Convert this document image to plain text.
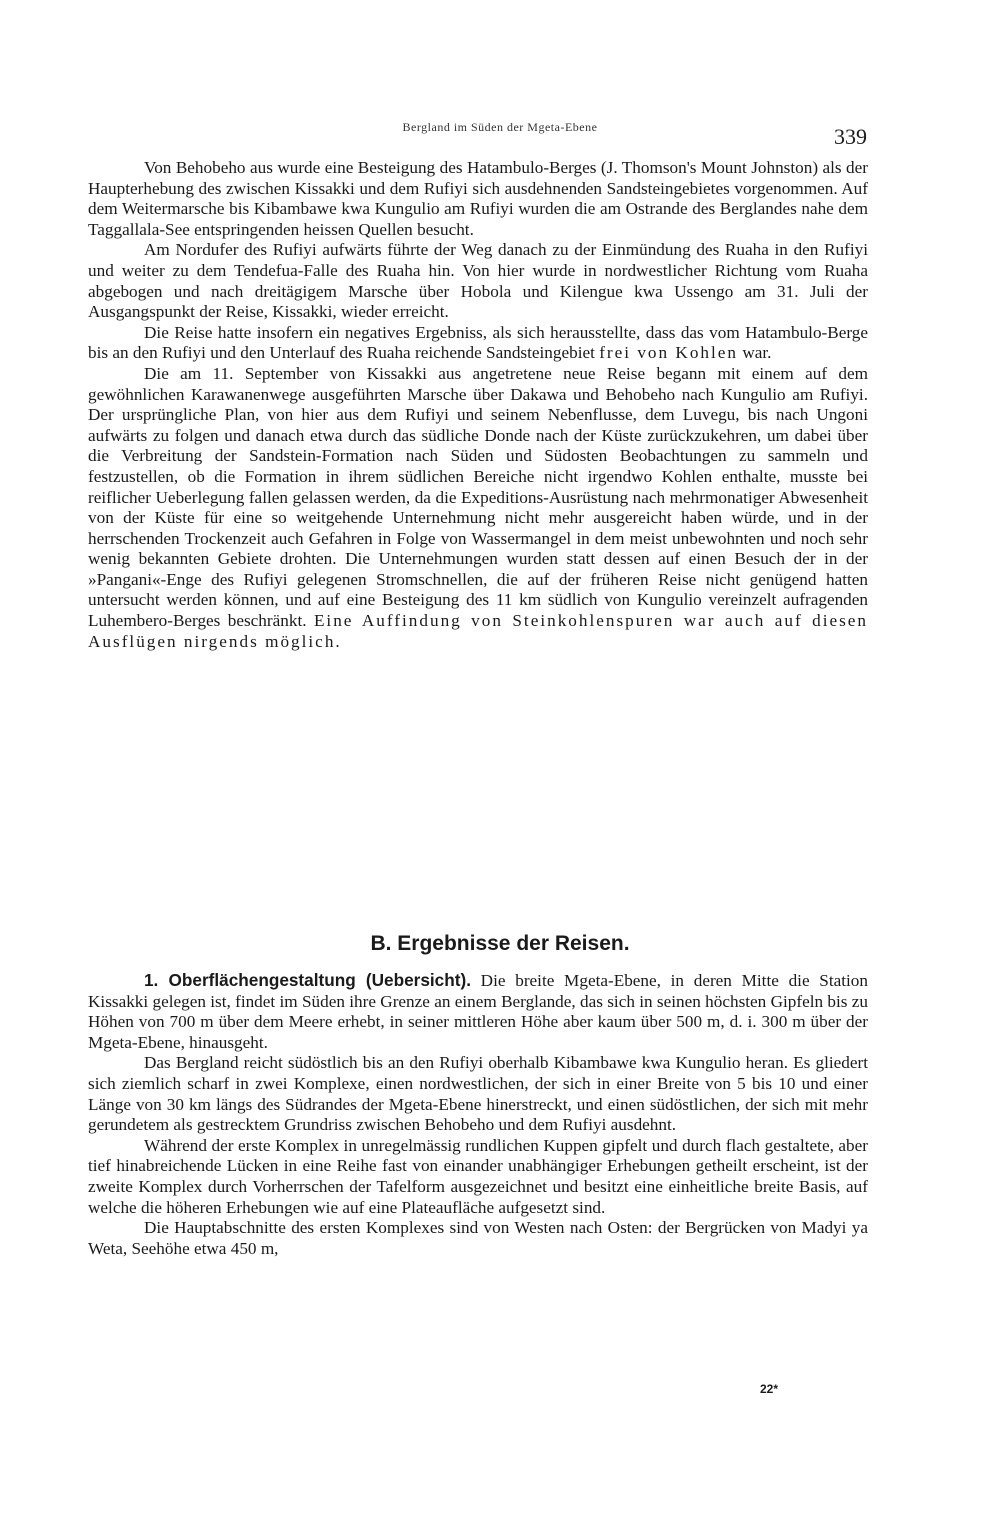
Bergland im Süden der Mgeta-Ebene	339

Von Behobeho aus wurde eine Besteigung des Hatambulo-Berges (J. Thomson's Mount Johnston) als der Haupterhebung des zwischen Kissakki und dem Rufiyi sich ausdehnenden Sandsteingebietes vorgenommen. Auf dem Weitermarsche bis Kibambawe kwa Kungulio am Rufiyi wurden die am Ostrande des Berglandes nahe dem Taggallala-See entspringenden heissen Quellen besucht.

Am Nordufer des Rufiyi aufwärts führte der Weg danach zu der Einmündung des Ruaha in den Rufiyi und weiter zu dem Tendefua-Falle des Ruaha hin. Von hier wurde in nordwestlicher Richtung vom Ruaha abgebogen und nach dreitägigem Marsche über Hobola und Kilengue kwa Ussengo am 31. Juli der Ausgangspunkt der Reise, Kissakki, wieder erreicht.

Die Reise hatte insofern ein negatives Ergebniss, als sich herausstellte, dass das vom Hatambulo-Berge bis an den Rufiyi und den Unterlauf des Ruaha reichende Sandsteingebiet frei von Kohlen war.

Die am 11. September von Kissakki aus angetretene neue Reise begann mit einem auf dem gewöhnlichen Karawanenwege ausgeführten Marsche über Dakawa und Behobeho nach Kungulio am Rufiyi. Der ursprüngliche Plan, von hier aus dem Rufiyi und seinem Nebenflusse, dem Luvegu, bis nach Ungoni aufwärts zu folgen und danach etwa durch das südliche Donde nach der Küste zurückzukehren, um dabei über die Verbreitung der Sandstein-Formation nach Süden und Südosten Beobachtungen zu sammeln und festzustellen, ob die Formation in ihrem südlichen Bereiche nicht irgendwo Kohlen enthalte, musste bei reiflicher Ueberlegung fallen gelassen werden, da die Expeditions-Ausrüstung nach mehrmonatiger Abwesenheit von der Küste für eine so weitgehende Unternehmung nicht mehr ausgereicht haben würde, und in der herrschenden Trockenzeit auch Gefahren in Folge von Wassermangel in dem meist unbewohnten und noch sehr wenig bekannten Gebiete drohten. Die Unternehmungen wurden statt dessen auf einen Besuch der in der »Pangani«-Enge des Rufiyi gelegenen Stromschnellen, die auf der früheren Reise nicht genügend hatten untersucht werden können, und auf eine Besteigung des 11 km südlich von Kungulio vereinzelt aufragenden Luhembero-Berges beschränkt. Eine Auffindung von Steinkohlenspuren war auch auf diesen Ausflügen nirgends möglich.

B. Ergebnisse der Reisen.

1. Oberflächengestaltung (Uebersicht). Die breite Mgeta-Ebene, in deren Mitte die Station Kissakki gelegen ist, findet im Süden ihre Grenze an einem Berglande, das sich in seinen höchsten Gipfeln bis zu Höhen von 700 m über dem Meere erhebt, in seiner mittleren Höhe aber kaum über 500 m, d. i. 300 m über der Mgeta-Ebene, hinausgeht.

Das Bergland reicht südöstlich bis an den Rufiyi oberhalb Kibambawe kwa Kungulio heran. Es gliedert sich ziemlich scharf in zwei Komplexe, einen nordwestlichen, der sich in einer Breite von 5 bis 10 und einer Länge von 30 km längs des Südrandes der Mgeta-Ebene hinerstreckt, und einen südöstlichen, der sich mit mehr gerundetem als gestrecktem Grundriss zwischen Behobeho und dem Rufiyi ausdehnt.

Während der erste Komplex in unregelmässig rundlichen Kuppen gipfelt und durch flach gestaltete, aber tief hinabreichende Lücken in eine Reihe fast von einander unabhängiger Erhebungen getheilt erscheint, ist der zweite Komplex durch Vorherrschen der Tafelform ausgezeichnet und besitzt eine einheitliche breite Basis, auf welche die höheren Erhebungen wie auf eine Plateaufläche aufgesetzt sind.

Die Hauptabschnitte des ersten Komplexes sind von Westen nach Osten: der Bergrücken von Madyi ya Weta, Seehöhe etwa 450 m,

22*
